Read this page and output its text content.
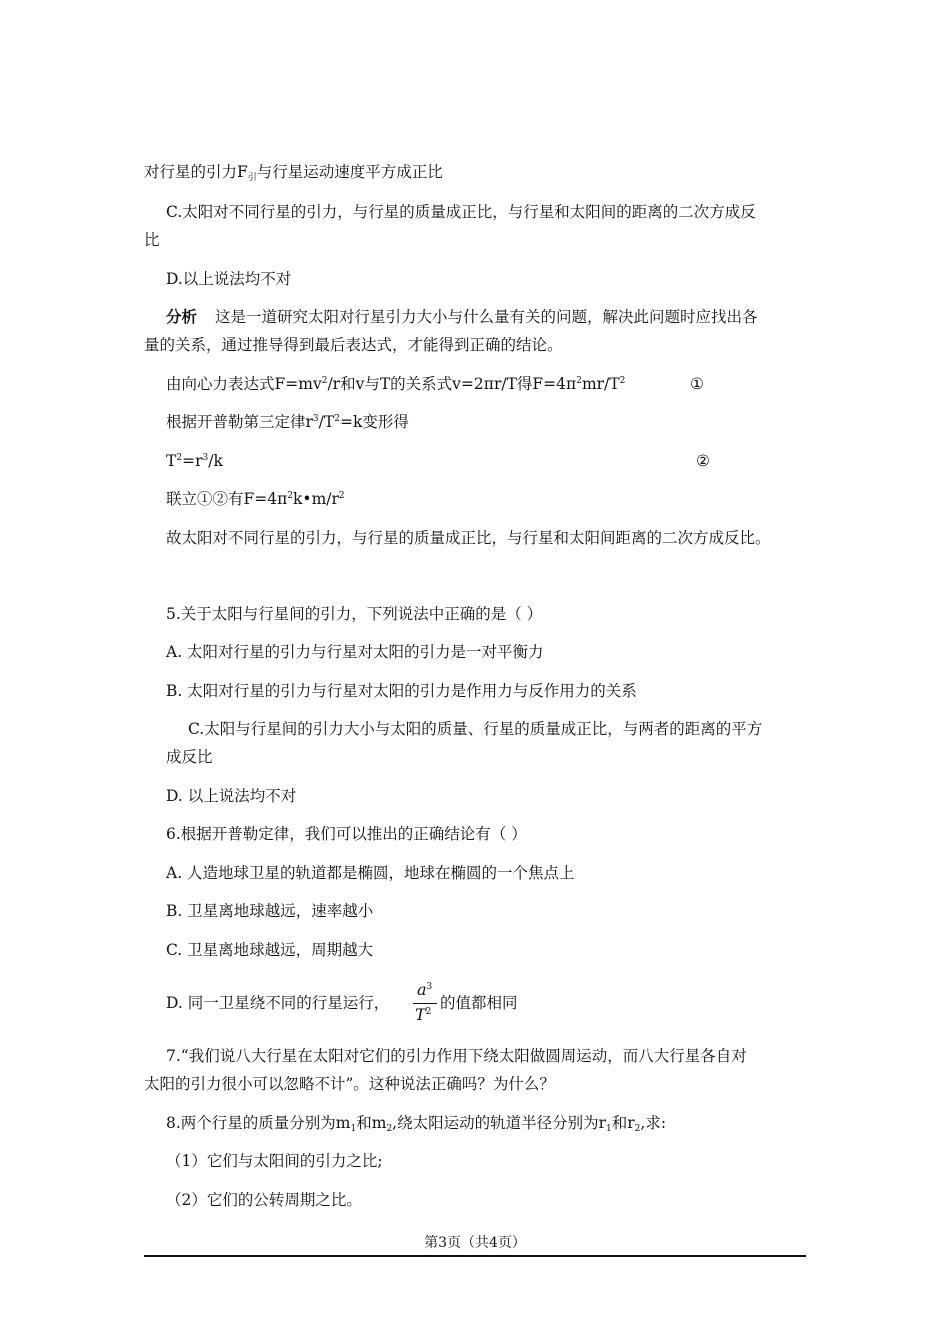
对行星的引力$F_引$与行星运动速度平方成正比
C.太阳对不同行星的引力，与行星的质量成正比，与行星和太阳间的距离的二次方成反
比
D.以上说法均不对
分析 这是一道研究太阳对行星引力大小与什么量有关的问题，解决此问题时应找出各
量的关系，通过推导得到最后表达式，才能得到正确的结论。
由向心力表达式$F=mv^2/r$和v与T的关系式v=2πr/T得$F=4\pi^2mr/T^2$	①
根据开普勒第三定律$r^3/T^2=k$变形得
$T^2=r^3/k$	②
联立①②有$F=4\pi^2k•m/r^2$
故太阳对不同行星的引力，与行星的质量成正比，与行星和太阳间距离的二次方成反比。
5.关于太阳与行星间的引力，下列说法中正确的是（ ）
A. 太阳对行星的引力与行星对太阳的引力是一对平衡力
B. 太阳对行星的引力与行星对太阳的引力是作用力与反作用力的关系
C.太阳与行星间的引力大小与太阳的质量、行星的质量成正比，与两者的距离的平方
成反比
D. 以上说法均不对
6.根据开普勒定律，我们可以推出的正确结论有（ ）
A. 人造地球卫星的轨道都是椭圆，地球在椭圆的一个焦点上
B. 卫星离地球越远，速率越小
C. 卫星离地球越远，周期越大
D. 同一卫星绕不同的行星运行，
$a^3$
$T^2$ 的值都相同
7.“我们说八大行星在太阳对它们的引力作用下绕太阳做圆周运动，而八大行星各自对
太阳的引力很小可以忽略不计”。这种说法正确吗？为什么？
8.两个行星的质量分别为$m_1$和$m_2$,绕太阳运动的轨道半径分别为$r_1$和$r_2$,求:
（1）它们与太阳间的引力之比;
（2）它们的公转周期之比。
第3页（共4页）
